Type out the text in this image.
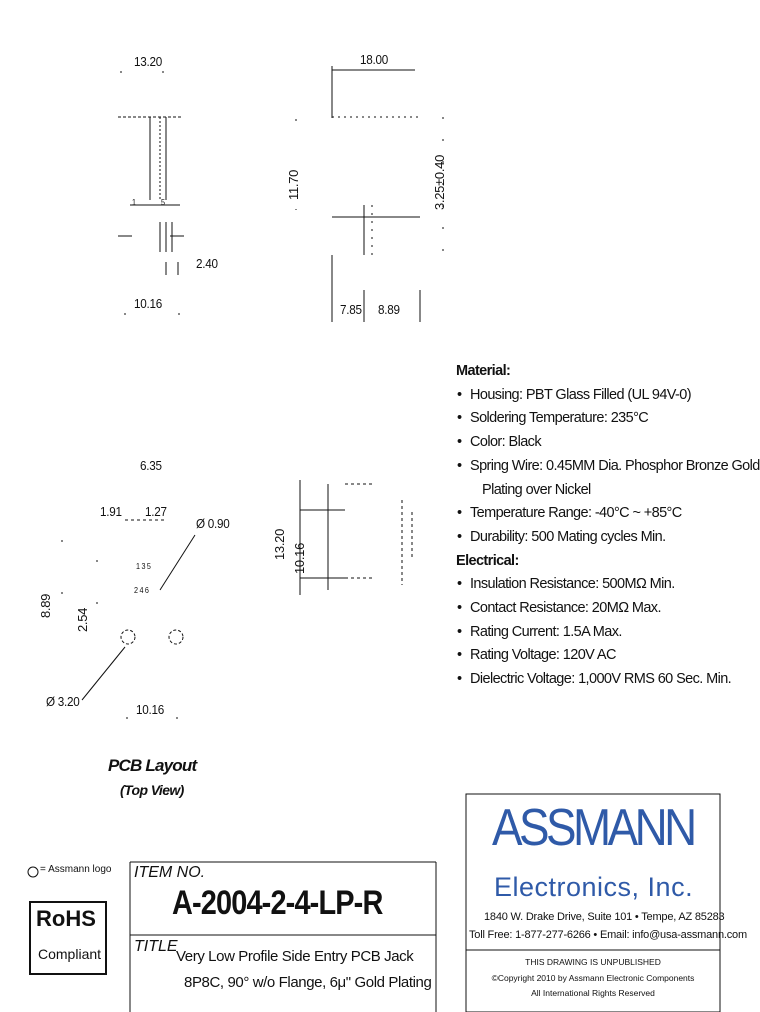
13.20
1	5
2.40
10.16
18.00
11.70	3.25±0.40
7.85 8.89
6.35
1.91 1.27
Ø 0.90
8.89
2.54
1 3 5
2 4 6
Ø 3.20
10.16
PCB Layout
(Top View)
13.20 10.16
Material:
• Housing: PBT Glass Filled (UL 94V-0)
• Soldering Temperature: 235°C
• Color: Black
• Spring Wire: 0.45MM Dia. Phosphor Bronze Gold
Plating over Nickel
• Temperature Range: -40°C ~ +85°C
• Durability: 500 Mating cycles Min.
Electrical:
• Insulation Resistance: 500MΩ Min.
• Contact Resistance: 20MΩ Max.
• Rating Current: 1.5A Max.
• Rating Voltage: 120V AC
• Dielectric Voltage: 1,000V RMS 60 Sec. Min.
= Assmann logo
RoHS
Compliant
ITEM NO.
A-2004-2-4-LP-R
TITLE
Very Low Profile Side Entry PCB Jack
8P8C, 90° w/o Flange, 6μ" Gold Plating
ASSMANN
Electronics, Inc.
1840 W. Drake Drive, Suite 101 • Tempe, AZ 85283
Toll Free: 1-877-277-6266 • Email: info@usa-assmann.com
THIS DRAWING IS UNPUBLISHED
©Copyright 2010 by Assmann Electronic Components
All International Rights Reserved
